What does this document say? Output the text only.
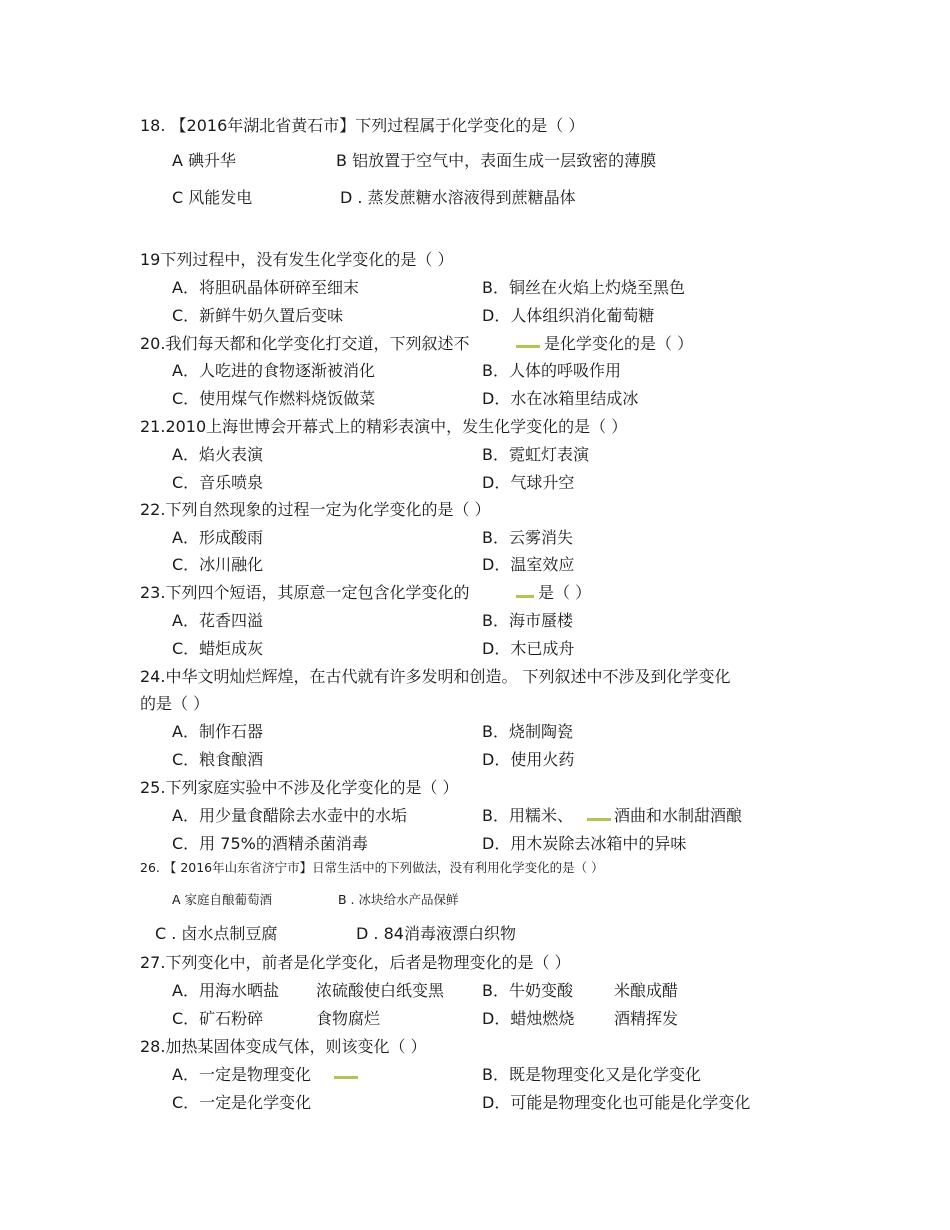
18. 【2016年湖北省黄石市】下列过程属于化学变化的是（ ）
A 碘升华	B 铝放置于空气中，表面生成一层致密的薄膜
C 风能发电	D . 蒸发蔗糖水溶液得到蔗糖晶体
19下列过程中，没有发生化学变化的是（ ）
A．将胆矾晶体研碎至细末	B．铜丝在火焰上灼烧至黑色
C．新鲜牛奶久置后变味	D．人体组织消化葡萄糖
20.我们每天都和化学变化打交道，下列叙述不	是化学变化的是（ ）
A．人吃进的食物逐渐被消化	B．人体的呼吸作用
C．使用煤气作燃料烧饭做菜	D．水在冰箱里结成冰
21.2010上海世博会开幕式上的精彩表演中，发生化学变化的是（ ）
A．焰火表演	B．霓虹灯表演
C．音乐喷泉	D．气球升空
22.下列自然现象的过程一定为化学变化的是（ ）
A．形成酸雨	B．云雾消失
C．冰川融化	D．温室效应
23.下列四个短语，其原意一定包含化学变化的	是（ ）
A．花香四溢	B．海市蜃楼
C．蜡炬成灰	D．木已成舟
24.中华文明灿烂辉煌，在古代就有许多发明和创造。 下列叙述中不涉及到化学变化
的是（ ）
A．制作石器	B．烧制陶瓷
C．粮食酿酒	D．使用火药
25.下列家庭实验中不涉及化学变化的是（ ）
A．用少量食醋除去水壶中的水垢	B．用糯米、	酒曲和水制甜酒酿
C．用 75%的酒精杀菌消毒	D．用木炭除去冰箱中的异味
26. 【 2016年山东省济宁市】日常生活中的下列做法，没有利用化学变化的是（ ）
A 家庭自酿葡萄酒	B . 冰块给水产品保鲜
C . 卤水点制豆腐	D . 84消毒液漂白织物
27.下列变化中，前者是化学变化，后者是物理变化的是（ ）
A．用海水晒盐 浓硫酸使白纸变黑 B．牛奶变酸	米酿成醋
C．矿石粉碎	食物腐烂	D．蜡烛燃烧 酒精挥发
28.加热某固体变成气体，则该变化（ ）
A．一定是物理变化	B．既是物理变化又是化学变化
C．一定是化学变化	D．可能是物理变化也可能是化学变化
